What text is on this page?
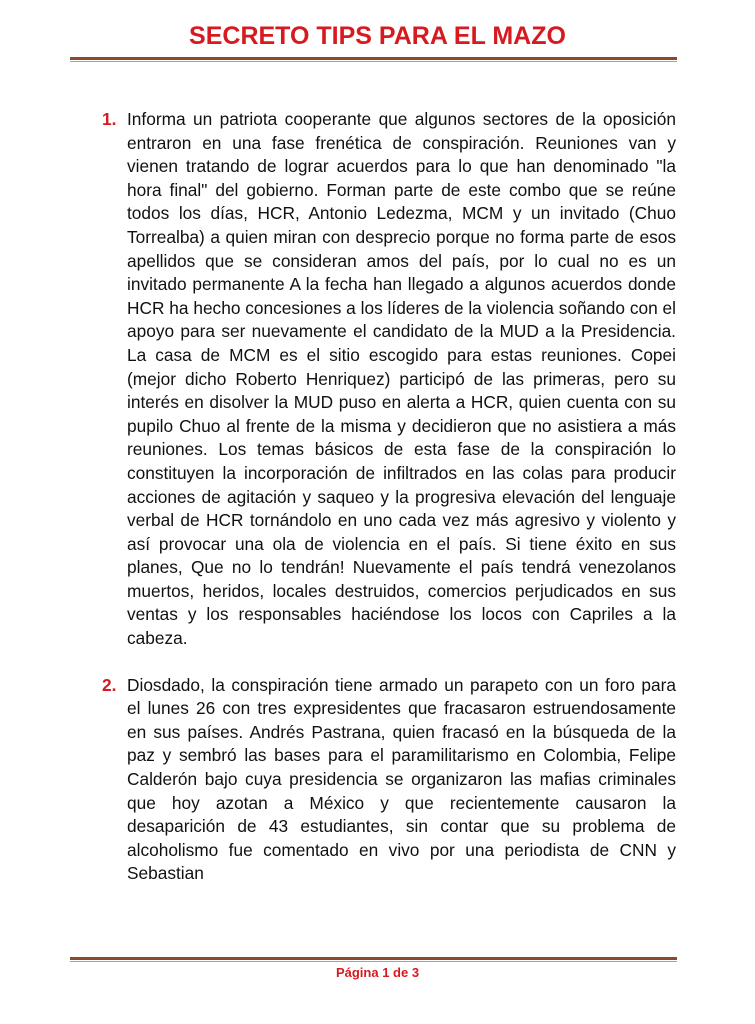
SECRETO TIPS PARA EL MAZO
1. Informa un patriota cooperante que algunos sectores de la oposición entraron en una fase frenética de conspiración. Reuniones van y vienen tratando de lograr acuerdos para lo que han denominado "la hora final" del gobierno. Forman parte de este combo que se reúne todos los días, HCR, Antonio Ledezma, MCM y un invitado (Chuo Torrealba) a quien miran con desprecio porque no forma parte de esos apellidos que se consideran amos del país, por lo cual no es un invitado permanente A la fecha han llegado a algunos acuerdos donde HCR ha hecho concesiones a los líderes de la violencia soñando con el apoyo para ser nuevamente el candidato de la MUD a la Presidencia. La casa de MCM es el sitio escogido para estas reuniones. Copei (mejor dicho Roberto Henriquez) participó de las primeras, pero su interés en disolver la MUD puso en alerta a HCR, quien cuenta con su pupilo Chuo al frente de la misma y decidieron que no asistiera a más reuniones. Los temas básicos de esta fase de la conspiración lo constituyen la incorporación de infiltrados en las colas para producir acciones de agitación y saqueo y la progresiva elevación del lenguaje verbal de HCR tornándolo en uno cada vez más agresivo y violento y así provocar una ola de violencia en el país. Si tiene éxito en sus planes, Que no lo tendrán! Nuevamente el país tendrá venezolanos muertos, heridos, locales destruidos, comercios perjudicados en sus ventas y los responsables haciéndose los locos con Capriles a la cabeza.
2. Diosdado, la conspiración tiene armado un parapeto con un foro para el lunes 26 con tres expresidentes que fracasaron estruendosamente en sus países. Andrés Pastrana, quien fracasó en la búsqueda de la paz y sembró las bases para el paramilitarismo en Colombia, Felipe Calderón bajo cuya presidencia se organizaron las mafias criminales que hoy azotan a México y que recientemente causaron la desaparición de 43 estudiantes, sin contar que su problema de alcoholismo fue comentado en vivo por una periodista de CNN y Sebastian
Página 1 de 3
